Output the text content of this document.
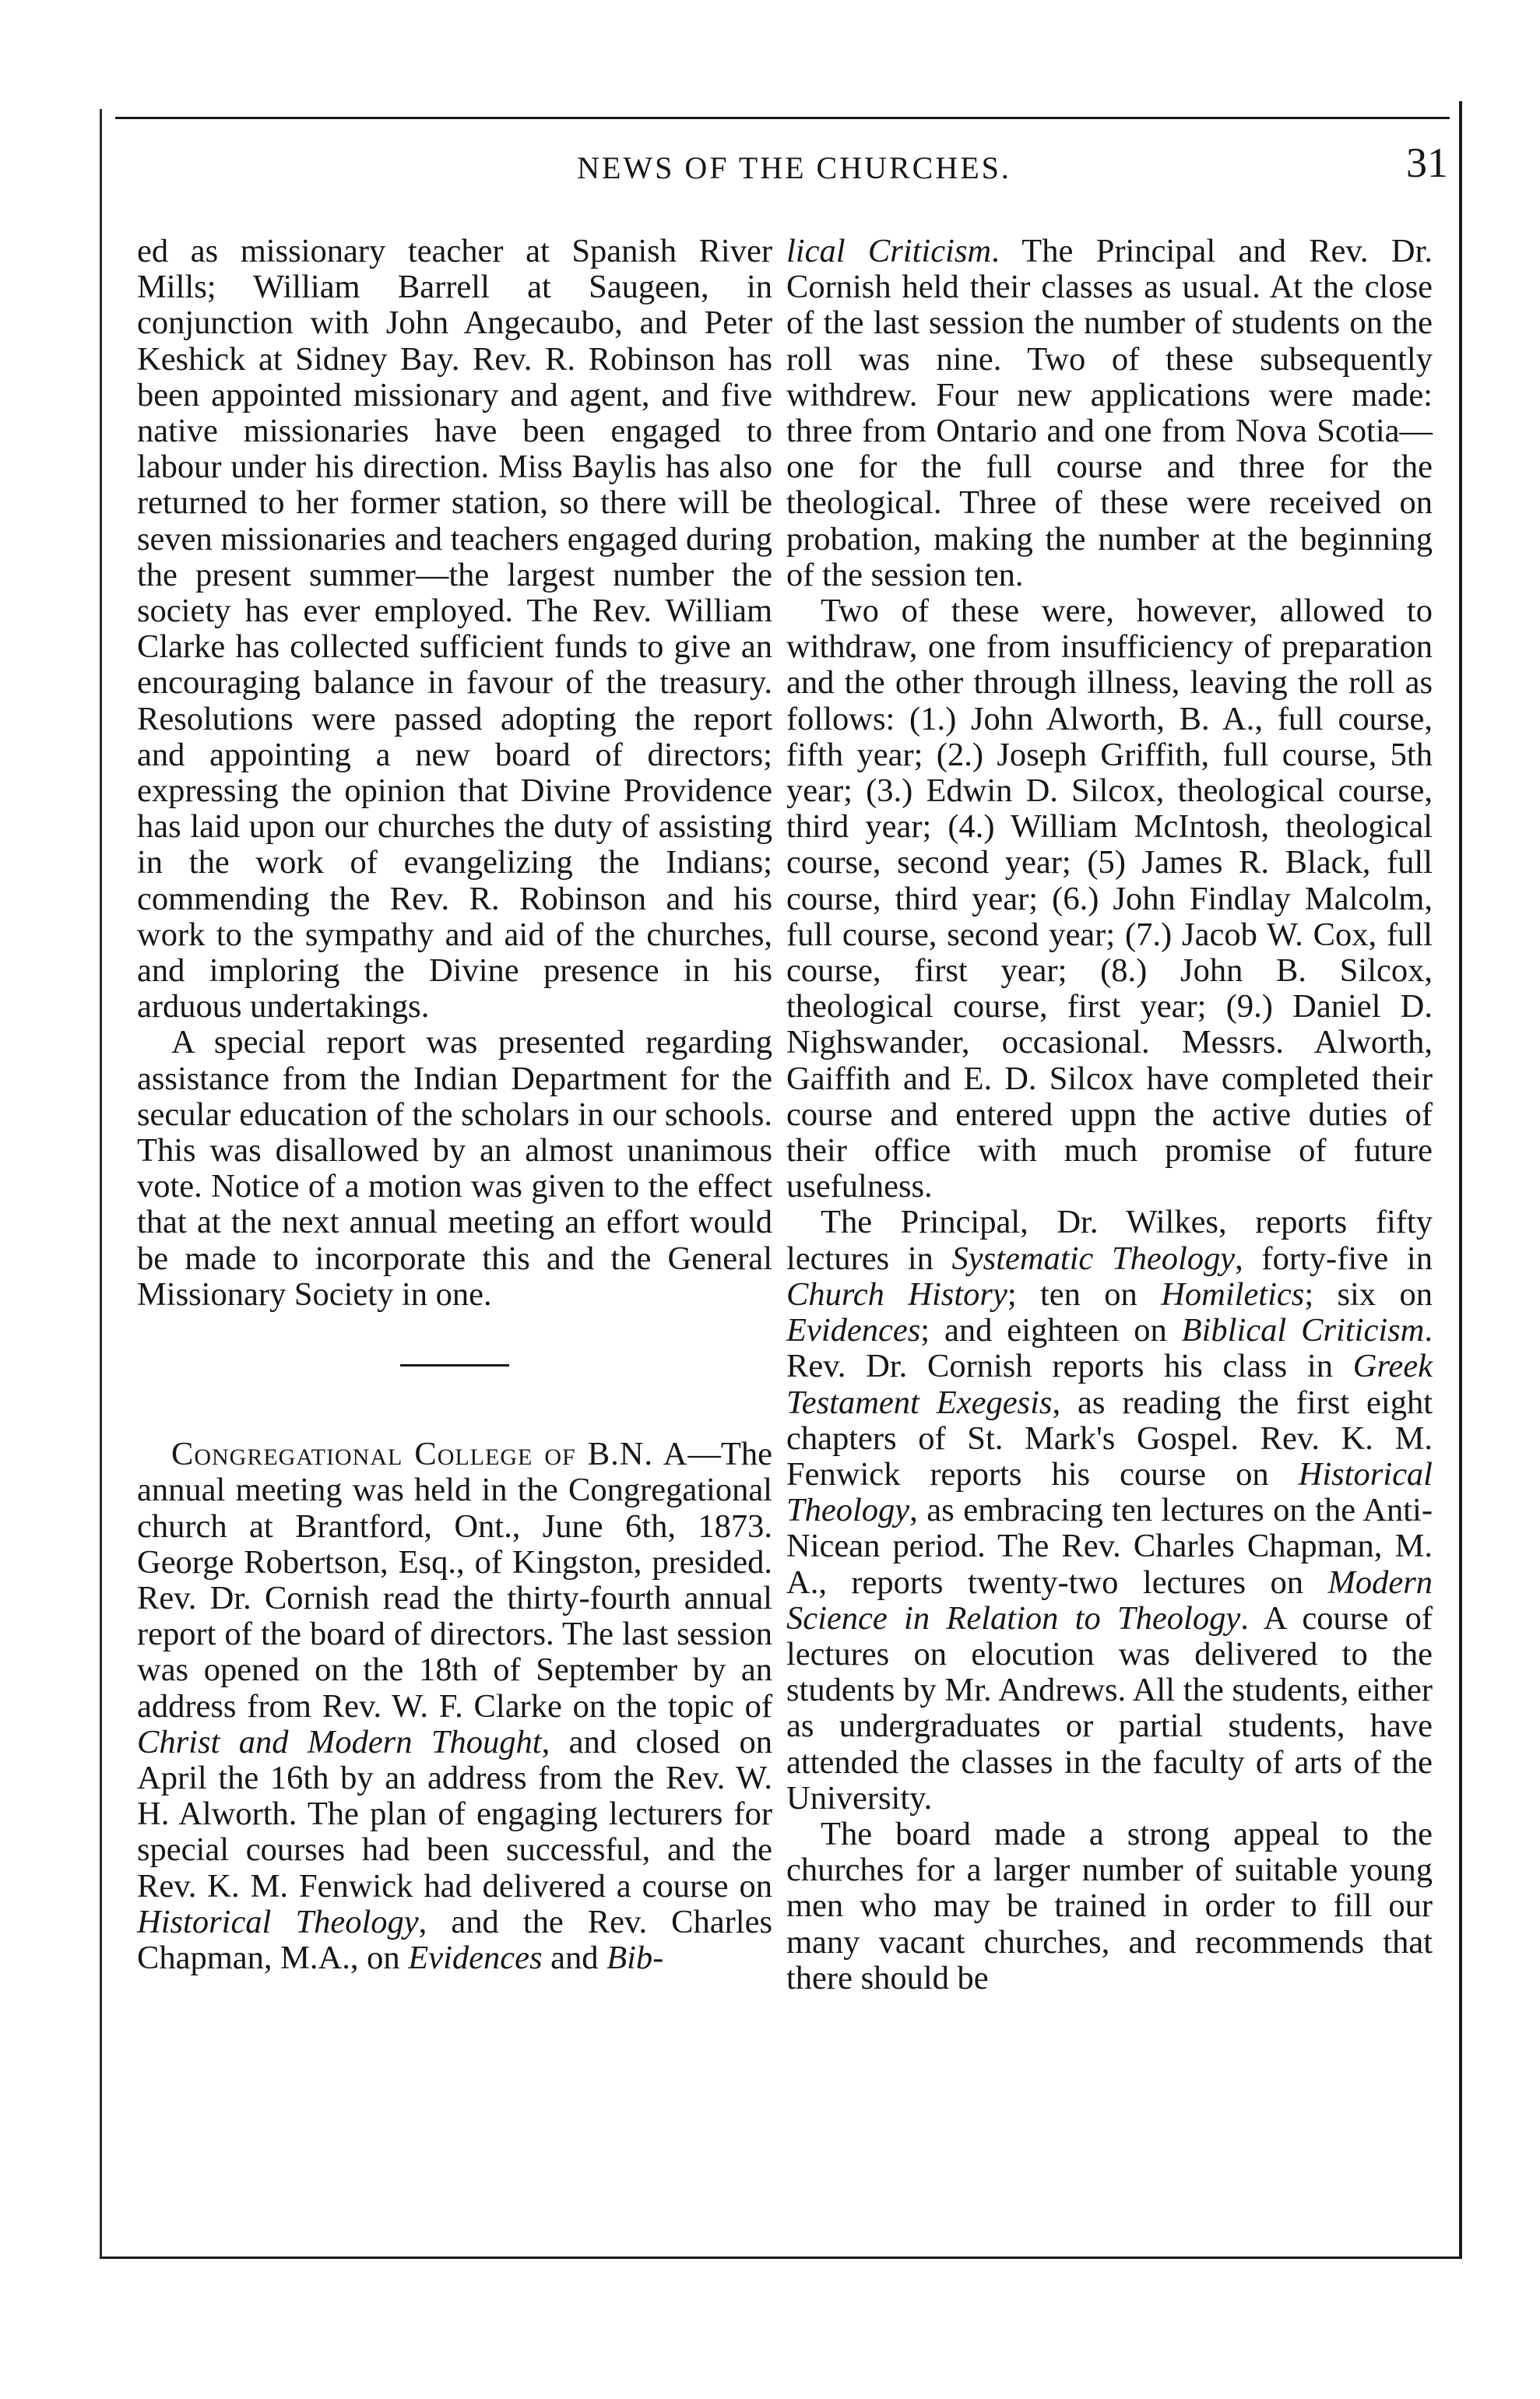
NEWS OF THE CHURCHES.	31

ed as missionary teacher at Spanish River Mills; William Barrell at Saugeen, in conjunction with John Angecaubo, and Peter Keshick at Sidney Bay. Rev. R. Robinson has been appointed missionary and agent, and five native missionaries have been engaged to labour under his direction. Miss Baylis has also returned to her former station, so there will be seven missionaries and teachers engaged during the present summer—the largest number the society has ever employed. The Rev. William Clarke has collected sufficient funds to give an encouraging balance in favour of the treasury. Resolutions were passed adopting the report and appointing a new board of directors; expressing the opinion that Divine Providence has laid upon our churches the duty of assisting in the work of evangelizing the Indians; commending the Rev. R. Robinson and his work to the sympathy and aid of the churches, and imploring the Divine presence in his arduous undertakings.

A special report was presented regarding assistance from the Indian Department for the secular education of the scholars in our schools. This was disallowed by an almost unanimous vote. Notice of a motion was given to the effect that at the next annual meeting an effort would be made to incorporate this and the General Missionary Society in one.

Congregational College of B.N. A—The annual meeting was held in the Congregational church at Brantford, Ont., June 6th, 1873. George Robertson, Esq., of Kingston, presided. Rev. Dr. Cornish read the thirty-fourth annual report of the board of directors. The last session was opened on the 18th of September by an address from Rev. W. F. Clarke on the topic of Christ and Modern Thought, and closed on April the 16th by an address from the Rev. W. H. Alworth. The plan of engaging lecturers for special courses had been successful, and the Rev. K. M. Fenwick had delivered a course on Historical Theology, and the Rev. Charles Chapman, M.A., on Evidences and Bib-

lical Criticism. The Principal and Rev. Dr. Cornish held their classes as usual. At the close of the last session the number of students on the roll was nine. Two of these subsequently withdrew. Four new applications were made: three from Ontario and one from Nova Scotia—one for the full course and three for the theological. Three of these were received on probation, making the number at the beginning of the session ten.

Two of these were, however, allowed to withdraw, one from insufficiency of preparation and the other through illness, leaving the roll as follows: (1.) John Alworth, B. A., full course, fifth year; (2.) Joseph Griffith, full course, 5th year; (3.) Edwin D. Silcox, theological course, third year; (4.) William McIntosh, theological course, second year; (5) James R. Black, full course, third year; (6.) John Findlay Malcolm, full course, second year; (7.) Jacob W. Cox, full course, first year; (8.) John B. Silcox, theological course, first year; (9.) Daniel D. Nighswander, occasional. Messrs. Alworth, Gaiffith and E. D. Silcox have completed their course and entered uppn the active duties of their office with much promise of future usefulness.

The Principal, Dr. Wilkes, reports fifty lectures in Systematic Theology, forty-five in Church History; ten on Homiletics; six on Evidences; and eighteen on Biblical Criticism. Rev. Dr. Cornish reports his class in Greek Testament Exegesis, as reading the first eight chapters of St. Mark's Gospel. Rev. K. M. Fenwick reports his course on Historical Theology, as embracing ten lectures on the Anti-Nicean period. The Rev. Charles Chapman, M. A., reports twenty-two lectures on Modern Science in Relation to Theology. A course of lectures on elocution was delivered to the students by Mr. Andrews. All the students, either as undergraduates or partial students, have attended the classes in the faculty of arts of the University.

The board made a strong appeal to the churches for a larger number of suitable young men who may be trained in order to fill our many vacant churches, and recommends that there should be
